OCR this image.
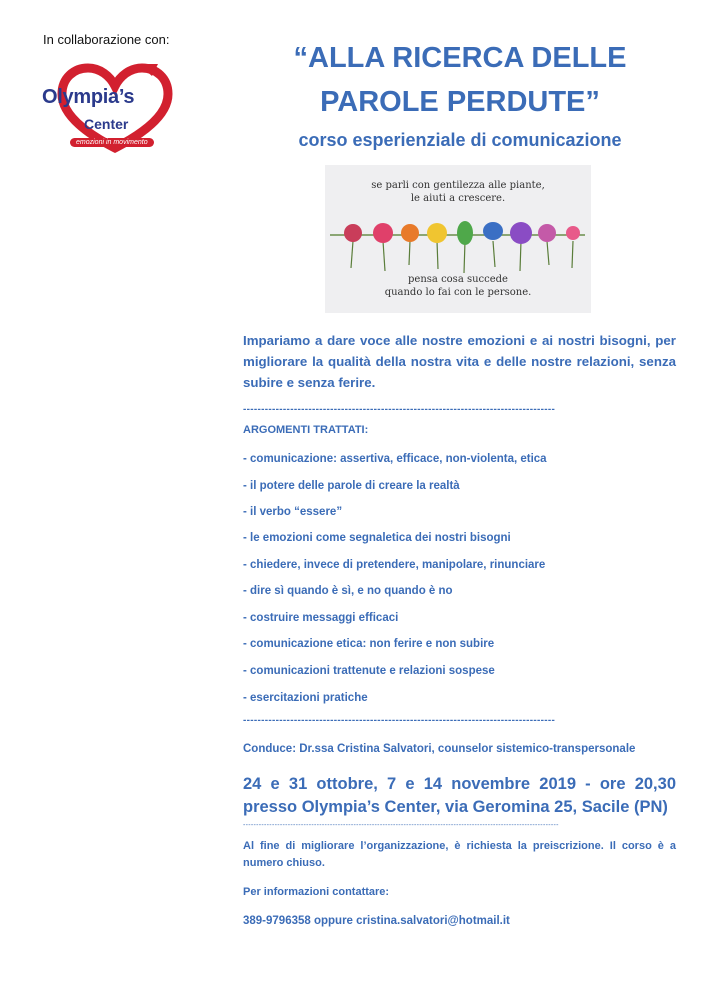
In collaborazione con:
Olympia’s
Center
emozioni in movimento
“ALLA RICERCA DELLE
PAROLE PERDUTE”
corso esperienziale di comunicazione
se parli con gentilezza alle piante,
le aiuti a crescere.
pensa cosa succede
quando lo fai con le persone.
Impariamo a dare voce alle nostre emozioni e ai nostri bisogni, per migliorare la qualità della nostra vita e delle nostre relazioni, senza subire e senza ferire.
--------------------------------------------------------------------------------------
ARGOMENTI TRATTATI:
- comunicazione: assertiva, efficace, non-violenta, etica
- il potere delle parole di creare la realtà
- il verbo “essere”
- le emozioni come segnaletica dei nostri bisogni
- chiedere, invece di pretendere, manipolare, rinunciare
- dire sì quando è sì, e no quando è no
- costruire messaggi efficaci
- comunicazione etica: non ferire e non subire
- comunicazioni trattenute e relazioni sospese
- esercitazioni pratiche
--------------------------------------------------------------------------------------
Conduce: Dr.ssa Cristina Salvatori, counselor sistemico-transpersonale
24 e 31 ottobre, 7 e 14 novembre 2019 - ore 20,30
presso Olympia’s Center, via Geromina 25, Sacile (PN)
------------------------------------------------------------------------------------------------------------------------
Al fine di migliorare l’organizzazione, è richiesta la preiscrizione. Il corso è a numero chiuso.
Per informazioni contattare:
389-9796358 oppure cristina.salvatori@hotmail.it
